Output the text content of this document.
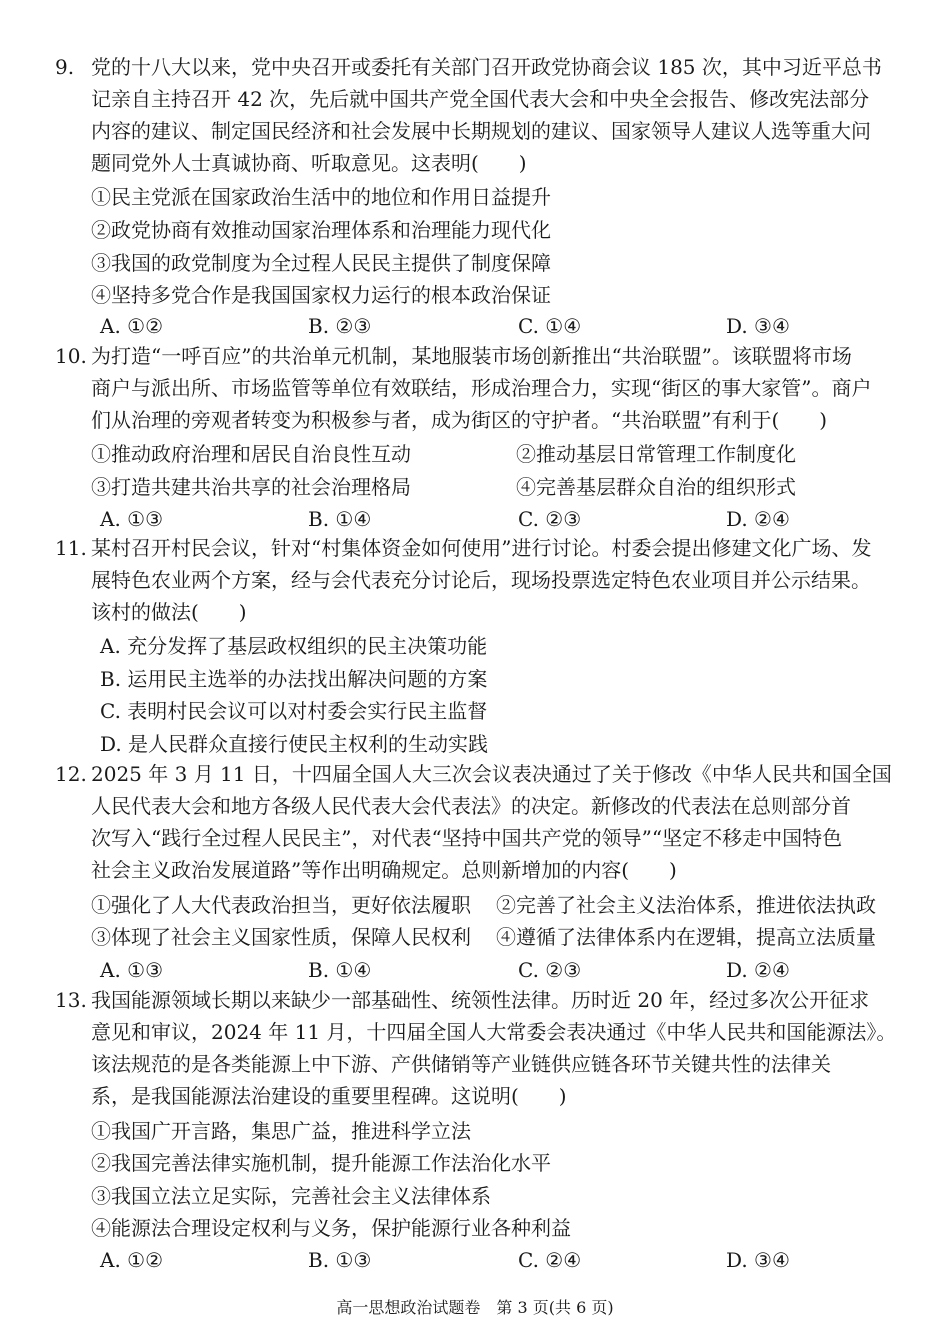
9. 党的十八大以来，党中央召开或委托有关部门召开政党协商会议 185 次，其中习近平总书
记亲自主持召开 42 次，先后就中国共产党全国代表大会和中央全会报告、修改宪法部分
内容的建议、制定国民经济和社会发展中长期规划的建议、国家领导人建议人选等重大问
题同党外人士真诚协商、听取意见。这表明(　　)
①民主党派在国家政治生活中的地位和作用日益提升
②政党协商有效推动国家治理体系和治理能力现代化
③我国的政党制度为全过程人民民主提供了制度保障
④坚持多党合作是我国国家权力运行的根本政治保证
A. ①②	B. ②③	C. ①④	D. ③④
10. 为打造“一呼百应”的共治单元机制，某地服装市场创新推出“共治联盟”。该联盟将市场
商户与派出所、市场监管等单位有效联结，形成治理合力，实现“街区的事大家管”。商户
们从治理的旁观者转变为积极参与者，成为街区的守护者。“共治联盟”有利于(　　)
①推动政府治理和居民自治良性互动	②推动基层日常管理工作制度化
③打造共建共治共享的社会治理格局	④完善基层群众自治的组织形式
A. ①③	B. ①④	C. ②③	D. ②④
11. 某村召开村民会议，针对“村集体资金如何使用”进行讨论。村委会提出修建文化广场、发
展特色农业两个方案，经与会代表充分讨论后，现场投票选定特色农业项目并公示结果。
该村的做法(　　)
A. 充分发挥了基层政权组织的民主决策功能
B. 运用民主选举的办法找出解决问题的方案
C. 表明村民会议可以对村委会实行民主监督
D. 是人民群众直接行使民主权利的生动实践
12. 2025 年 3 月 11 日，十四届全国人大三次会议表决通过了关于修改《中华人民共和国全国
人民代表大会和地方各级人民代表大会代表法》的决定。新修改的代表法在总则部分首
次写入“践行全过程人民民主”，对代表“坚持中国共产党的领导”“坚定不移走中国特色
社会主义政治发展道路”等作出明确规定。总则新增加的内容(　　)
①强化了人大代表政治担当，更好依法履职 ②完善了社会主义法治体系，推进依法执政
③体现了社会主义国家性质，保障人民权利 ④遵循了法律体系内在逻辑，提高立法质量
A. ①③	B. ①④	C. ②③	D. ②④
13. 我国能源领域长期以来缺少一部基础性、统领性法律。历时近 20 年，经过多次公开征求
意见和审议，2024 年 11 月，十四届全国人大常委会表决通过《中华人民共和国能源法》。
该法规范的是各类能源上中下游、产供储销等产业链供应链各环节关键共性的法律关
系，是我国能源法治建设的重要里程碑。这说明(　　)
①我国广开言路，集思广益，推进科学立法
②我国完善法律实施机制，提升能源工作法治化水平
③我国立法立足实际，完善社会主义法律体系
④能源法合理设定权利与义务，保护能源行业各种利益
A. ①②	B. ①③	C. ②④	D. ③④
高一思想政治试题卷　第 3 页(共 6 页)
